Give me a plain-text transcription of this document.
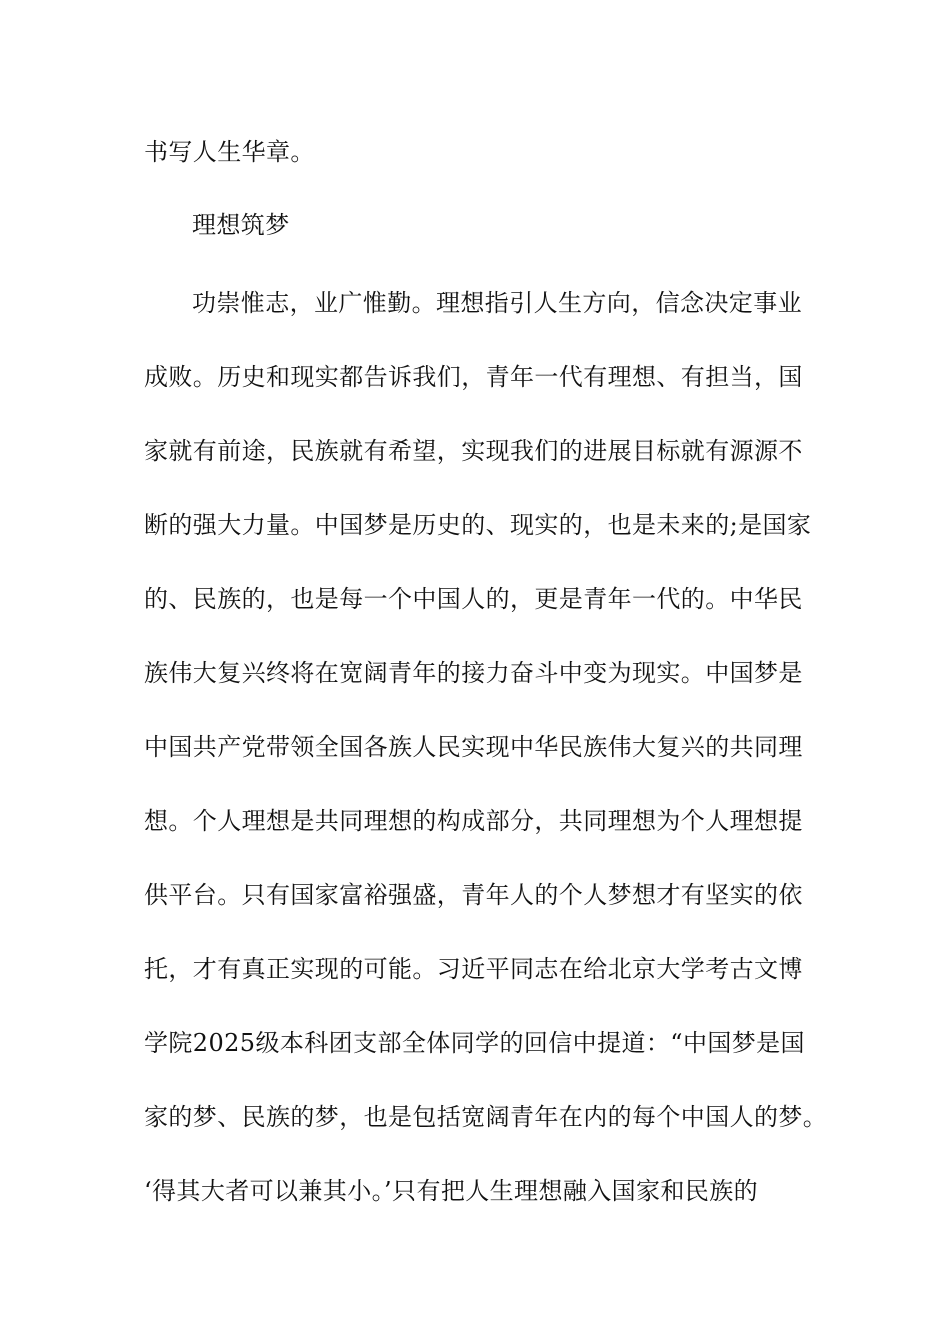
书写人生华章。
理想筑梦
功崇惟志，业广惟勤。理想指引人生方向，信念决定事业
成败。历史和现实都告诉我们，青年一代有理想、有担当，国
家就有前途，民族就有希望，实现我们的进展目标就有源源不
断的强大力量。中国梦是历史的、现实的，也是未来的;是国家
的、民族的，也是每一个中国人的，更是青年一代的。中华民
族伟大复兴终将在宽阔青年的接力奋斗中变为现实。中国梦是
中国共产党带领全国各族人民实现中华民族伟大复兴的共同理
想。个人理想是共同理想的构成部分，共同理想为个人理想提
供平台。只有国家富裕强盛，青年人的个人梦想才有坚实的依
托，才有真正实现的可能。习近平同志在给北京大学考古文博
学院2025级本科团支部全体同学的回信中提道：“中国梦是国
家的梦、民族的梦，也是包括宽阔青年在内的每个中国人的梦。
‘得其大者可以兼其小。’只有把人生理想融入国家和民族的
